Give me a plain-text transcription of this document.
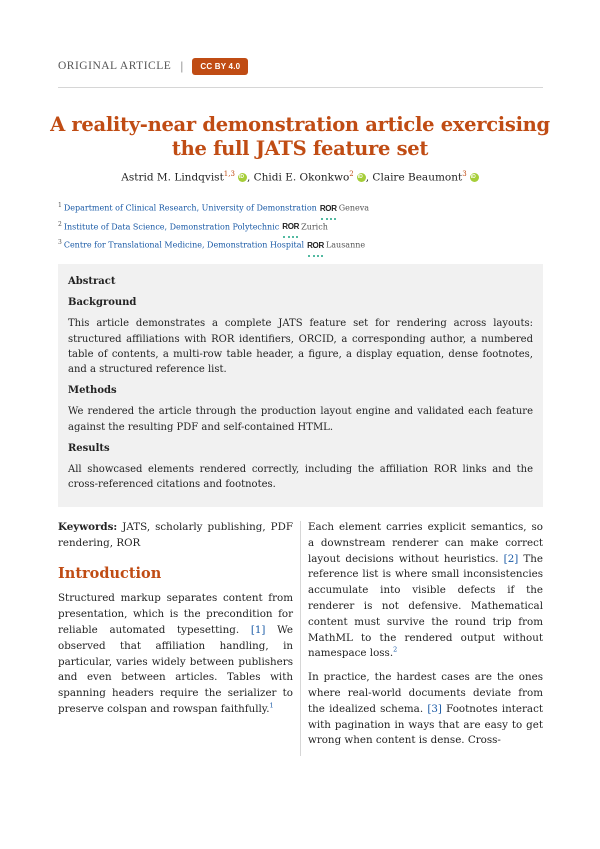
ORIGINAL ARTICLE |	CC BY 4.0
A reality-near demonstration article exercising the full JATS feature set
Astrid M. Lindqvist$^{1,3}$ iD , Chidi E. Okonkwo$^2$ iD , Claire Beaumont$^3$iD
$^1$ Department of Clinical Research, University of Demonstration ROR Geneva
$^2$ Institute of Data Science, Demonstration Polytechnic ROR Zurich
$^3$ Centre for Translational Medicine, Demonstration Hospital ROR Lausanne
Abstract
Background

This article demonstrates a complete JATS feature set for rendering across layouts: structured affiliations with ROR identifiers, ORCID, a corresponding author, a numbered table of contents, a multi-row table header, a figure, a display equation, dense footnotes, and a structured reference list.

Methods

We rendered the article through the production layout engine and validated each feature against the resulting PDF and self-contained HTML.

Results

All showcased elements rendered correctly, including the affiliation ROR links and the cross-referenced citations and footnotes.

Keywords: JATS, scholarly publishing, PDF rendering, ROR
Introduction

Structured markup separates content from presentation, which is the precondition for reliable automated typesetting. [1] We observed that affiliation handling, in particular, varies widely between publishers and even between articles. Tables with spanning headers require the serializer to preserve colspan and rowspan faithfully.$^1$

Each element carries explicit semantics, so a downstream renderer can make correct layout decisions without heuristics. [2] The reference list is where small inconsistencies accumulate into visible defects if the renderer is not defensive. Mathematical content must survive the round trip from MathML to the rendered output without namespace loss.$^2$

In practice, the hardest cases are the ones where real-world documents deviate from the idealized schema. [3] Footnotes interact with pagination in ways that are easy to get wrong when content is dense. Cross-
